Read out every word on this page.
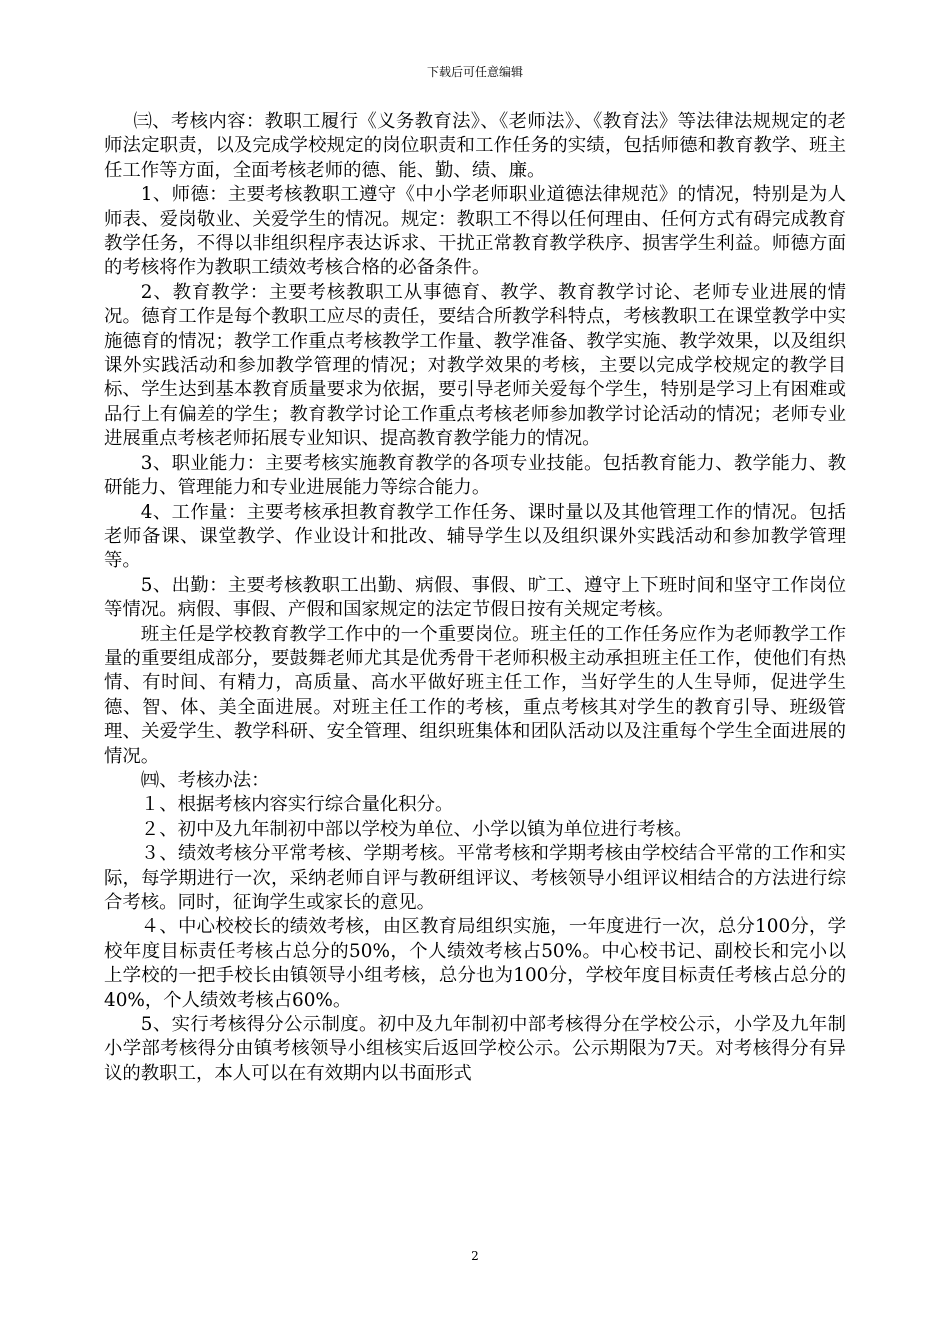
下载后可任意编辑

㈢、考核内容：教职工履行《义务教育法》、《老师法》、《教育法》等法律法规规定的老师法定职责，以及完成学校规定的岗位职责和工作任务的实绩，包括师德和教育教学、班主任工作等方面，全面考核老师的德、能、勤、绩、廉。

1、师德：主要考核教职工遵守《中小学老师职业道德法律规范》的情况，特别是为人师表、爱岗敬业、关爱学生的情况。规定：教职工不得以任何理由、任何方式有碍完成教育教学任务，不得以非组织程序表达诉求、干扰正常教育教学秩序、损害学生利益。师德方面的考核将作为教职工绩效考核合格的必备条件。

2、教育教学：主要考核教职工从事德育、教学、教育教学讨论、老师专业进展的情况。德育工作是每个教职工应尽的责任，要结合所教学科特点，考核教职工在课堂教学中实施德育的情况；教学工作重点考核教学工作量、教学准备、教学实施、教学效果，以及组织课外实践活动和参加教学管理的情况；对教学效果的考核，主要以完成学校规定的教学目标、学生达到基本教育质量要求为依据，要引导老师关爱每个学生，特别是学习上有困难或品行上有偏差的学生；教育教学讨论工作重点考核老师参加教学讨论活动的情况；老师专业进展重点考核老师拓展专业知识、提高教育教学能力的情况。

3、职业能力：主要考核实施教育教学的各项专业技能。包括教育能力、教学能力、教研能力、管理能力和专业进展能力等综合能力。

4、工作量：主要考核承担教育教学工作任务、课时量以及其他管理工作的情况。包括老师备课、课堂教学、作业设计和批改、辅导学生以及组织课外实践活动和参加教学管理等。

5、出勤：主要考核教职工出勤、病假、事假、旷工、遵守上下班时间和坚守工作岗位等情况。病假、事假、产假和国家规定的法定节假日按有关规定考核。

班主任是学校教育教学工作中的一个重要岗位。班主任的工作任务应作为老师教学工作量的重要组成部分，要鼓舞老师尤其是优秀骨干老师积极主动承担班主任工作，使他们有热情、有时间、有精力，高质量、高水平做好班主任工作，当好学生的人生导师，促进学生德、智、体、美全面进展。对班主任工作的考核，重点考核其对学生的教育引导、班级管理、关爱学生、教学科研、安全管理、组织班集体和团队活动以及注重每个学生全面进展的情况。

㈣、考核办法：

１、根据考核内容实行综合量化积分。

２、初中及九年制初中部以学校为单位、小学以镇为单位进行考核。

３、绩效考核分平常考核、学期考核。平常考核和学期考核由学校结合平常的工作和实际，每学期进行一次，采纳老师自评与教研组评议、考核领导小组评议相结合的方法进行综合考核。同时，征询学生或家长的意见。

４、中心校校长的绩效考核，由区教育局组织实施，一年度进行一次，总分100分，学校年度目标责任考核占总分的50%，个人绩效考核占50%。中心校书记、副校长和完小以上学校的一把手校长由镇领导小组考核，总分也为100分，学校年度目标责任考核占总分的40%，个人绩效考核占60%。

5、实行考核得分公示制度。初中及九年制初中部考核得分在学校公示，小学及九年制小学部考核得分由镇考核领导小组核实后返回学校公示。公示期限为7天。对考核得分有异议的教职工，本人可以在有效期内以书面形式

2
